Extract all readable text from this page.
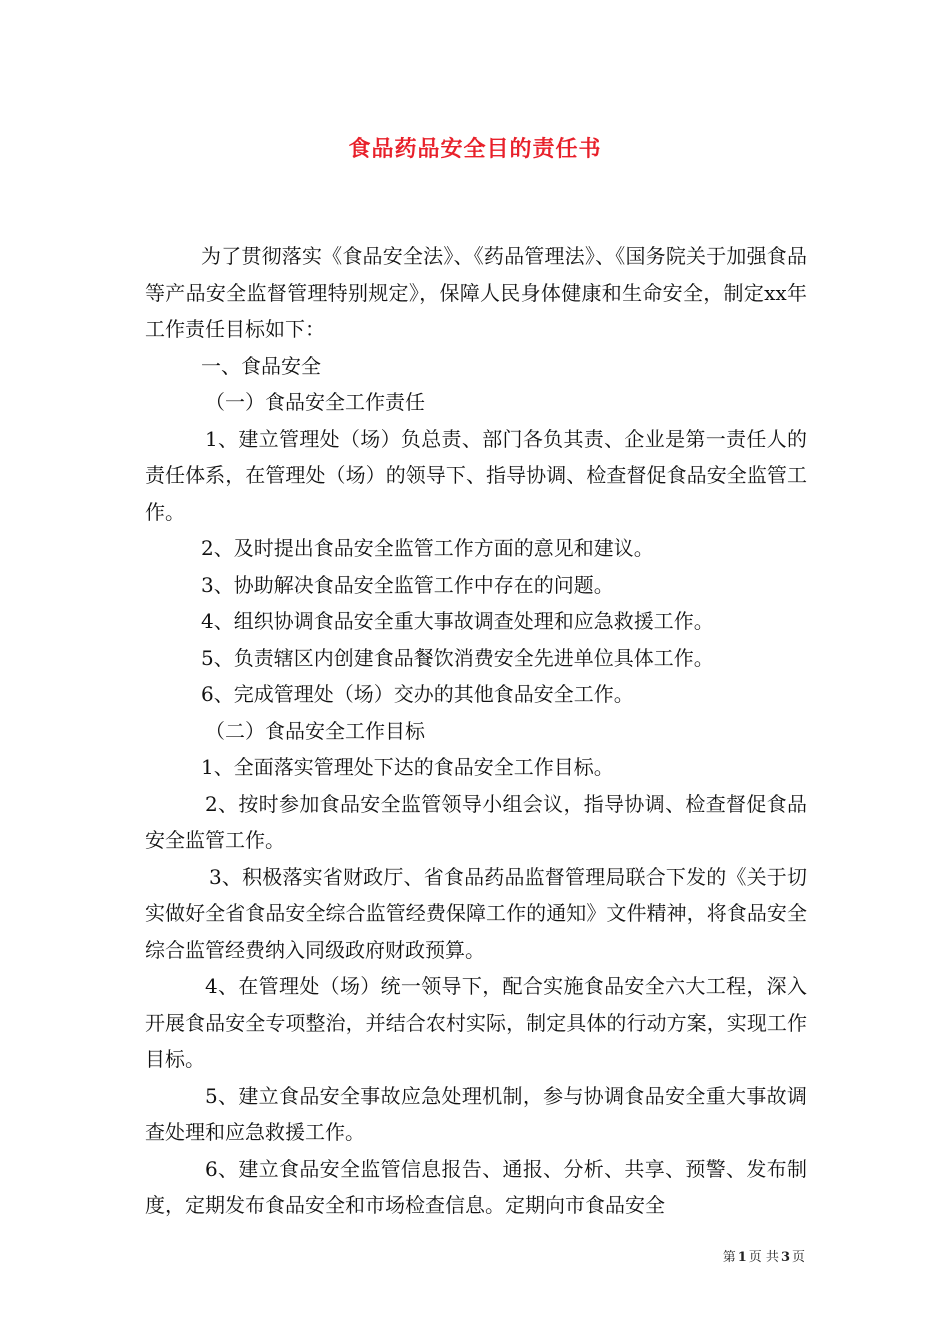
食品药品安全目的责任书

为了贯彻落实《食品安全法》、《药品管理法》、《国务院关于加强食品等产品安全监督管理特别规定》，保障人民身体健康和生命安全，制定xx年工作责任目标如下：

一、食品安全

（一）食品安全工作责任

1、建立管理处（场）负总责、部门各负其责、企业是第一责任人的责任体系，在管理处（场）的领导下、指导协调、检查督促食品安全监管工作。

2、及时提出食品安全监管工作方面的意见和建议。

3、协助解决食品安全监管工作中存在的问题。

4、组织协调食品安全重大事故调查处理和应急救援工作。

5、负责辖区内创建食品餐饮消费安全先进单位具体工作。

6、完成管理处（场）交办的其他食品安全工作。

（二）食品安全工作目标

1、全面落实管理处下达的食品安全工作目标。

2、按时参加食品安全监管领导小组会议，指导协调、检查督促食品安全监管工作。

3、积极落实省财政厅、省食品药品监督管理局联合下发的《关于切实做好全省食品安全综合监管经费保障工作的通知》文件精神，将食品安全综合监管经费纳入同级政府财政预算。

4、在管理处（场）统一领导下，配合实施食品安全六大工程，深入开展食品安全专项整治，并结合农村实际，制定具体的行动方案，实现工作目标。

5、建立食品安全事故应急处理机制，参与协调食品安全重大事故调查处理和应急救援工作。

6、建立食品安全监管信息报告、通报、分析、共享、预警、发布制度，定期发布食品安全和市场检查信息。定期向市食品安全

第 1 页 共 3 页
